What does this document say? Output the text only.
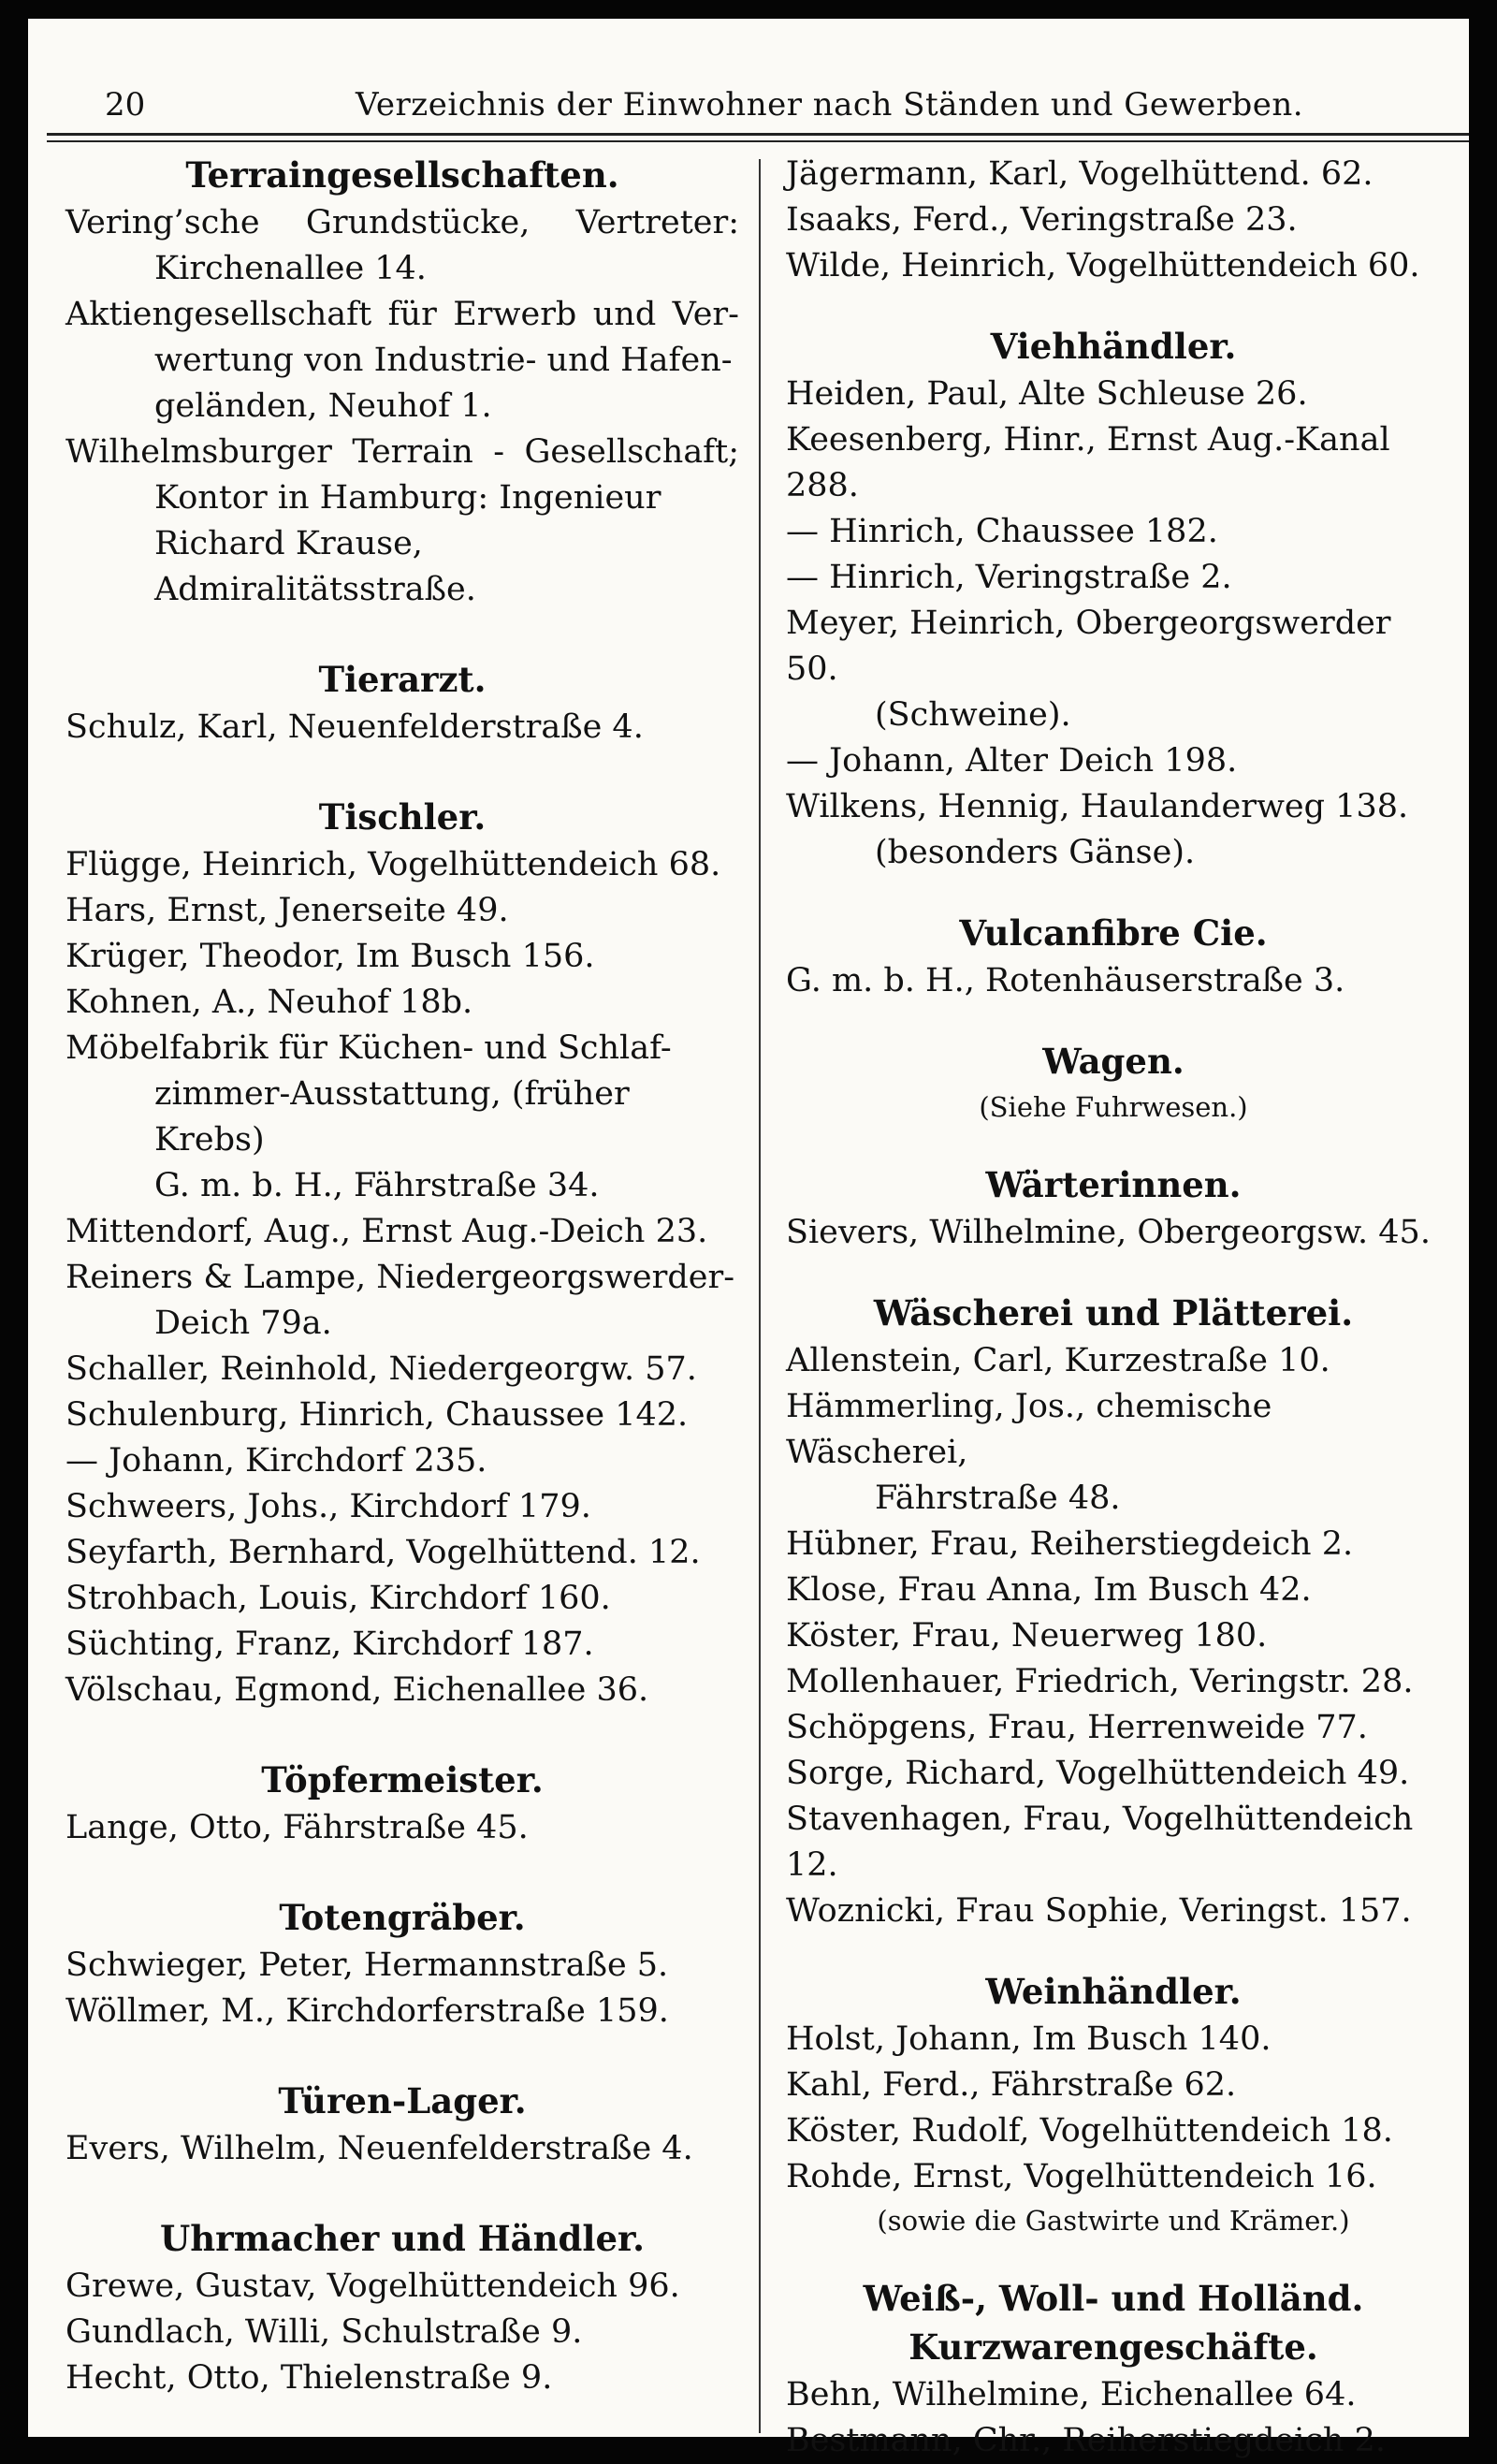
20	Verzeichnis der Einwohner nach Ständen und Gewerben.
Terraingesellschaften.
Vering’sche Grundstücke, Vertreter:
Kirchenallee 14.
Aktiengesellschaft für Erwerb und Ver-
wertung von Industrie- und Hafen-
geländen, Neuhof 1.
Wilhelmsburger Terrain - Gesellschaft;
Kontor in Hamburg: Ingenieur
Richard Krause, Admiralitätsstraße.
Tierarzt.
Schulz, Karl, Neuenfelderstraße 4.
Tischler.
Flügge, Heinrich, Vogelhüttendeich 68.
Hars, Ernst, Jenerseite 49.
Krüger, Theodor, Im Busch 156.
Kohnen, A., Neuhof 18b.
Möbelfabrik für Küchen- und Schlaf-
zimmer-Ausstattung, (früher Krebs)
G. m. b. H., Fährstraße 34.
Mittendorf, Aug., Ernst Aug.-Deich 23.
Reiners & Lampe, Niedergeorgswerder-
Deich 79a.
Schaller, Reinhold, Niedergeorgw. 57.
Schulenburg, Hinrich, Chaussee 142.
— Johann, Kirchdorf 235.
Schweers, Johs., Kirchdorf 179.
Seyfarth, Bernhard, Vogelhüttend. 12.
Strohbach, Louis, Kirchdorf 160.
Süchting, Franz, Kirchdorf 187.
Völschau, Egmond, Eichenallee 36.
Töpfermeister.
Lange, Otto, Fährstraße 45.
Totengräber.
Schwieger, Peter, Hermannstraße 5.
Wöllmer, M., Kirchdorferstraße 159.
Türen-Lager.
Evers, Wilhelm, Neuenfelderstraße 4.
Uhrmacher und Händler.
Grewe, Gustav, Vogelhüttendeich 96.
Gundlach, Willi, Schulstraße 9.
Hecht, Otto, Thielenstraße 9.
Jägermann, Karl, Vogelhüttend. 62.
Isaaks, Ferd., Veringstraße 23.
Wilde, Heinrich, Vogelhüttendeich 60.
Viehhändler.
Heiden, Paul, Alte Schleuse 26.
Keesenberg, Hinr., Ernst Aug.-Kanal 288.
— Hinrich, Chaussee 182.
— Hinrich, Veringstraße 2.
Meyer, Heinrich, Obergeorgswerder 50.
(Schweine).
— Johann, Alter Deich 198.
Wilkens, Hennig, Haulanderweg 138.
(besonders Gänse).
Vulcanfibre Cie.
G. m. b. H., Rotenhäuserstraße 3.
Wagen.
(Siehe Fuhrwesen.)
Wärterinnen.
Sievers, Wilhelmine, Obergeorgsw. 45.
Wäscherei und Plätterei.
Allenstein, Carl, Kurzestraße 10.
Hämmerling, Jos., chemische Wäscherei,
Fährstraße 48.
Hübner, Frau, Reiherstiegdeich 2.
Klose, Frau Anna, Im Busch 42.
Köster, Frau, Neuerweg 180.
Mollenhauer, Friedrich, Veringstr. 28.
Schöpgens, Frau, Herrenweide 77.
Sorge, Richard, Vogelhüttendeich 49.
Stavenhagen, Frau, Vogelhüttendeich 12.
Woznicki, Frau Sophie, Veringst. 157.
Weinhändler.
Holst, Johann, Im Busch 140.
Kahl, Ferd., Fährstraße 62.
Köster, Rudolf, Vogelhüttendeich 18.
Rohde, Ernst, Vogelhüttendeich 16.
(sowie die Gastwirte und Krämer.)
Weiß-, Woll- und Holländ.
Kurzwarengeschäfte.
Behn, Wilhelmine, Eichenallee 64.
Bestmann, Chr., Reiherstiegdeich 2.
